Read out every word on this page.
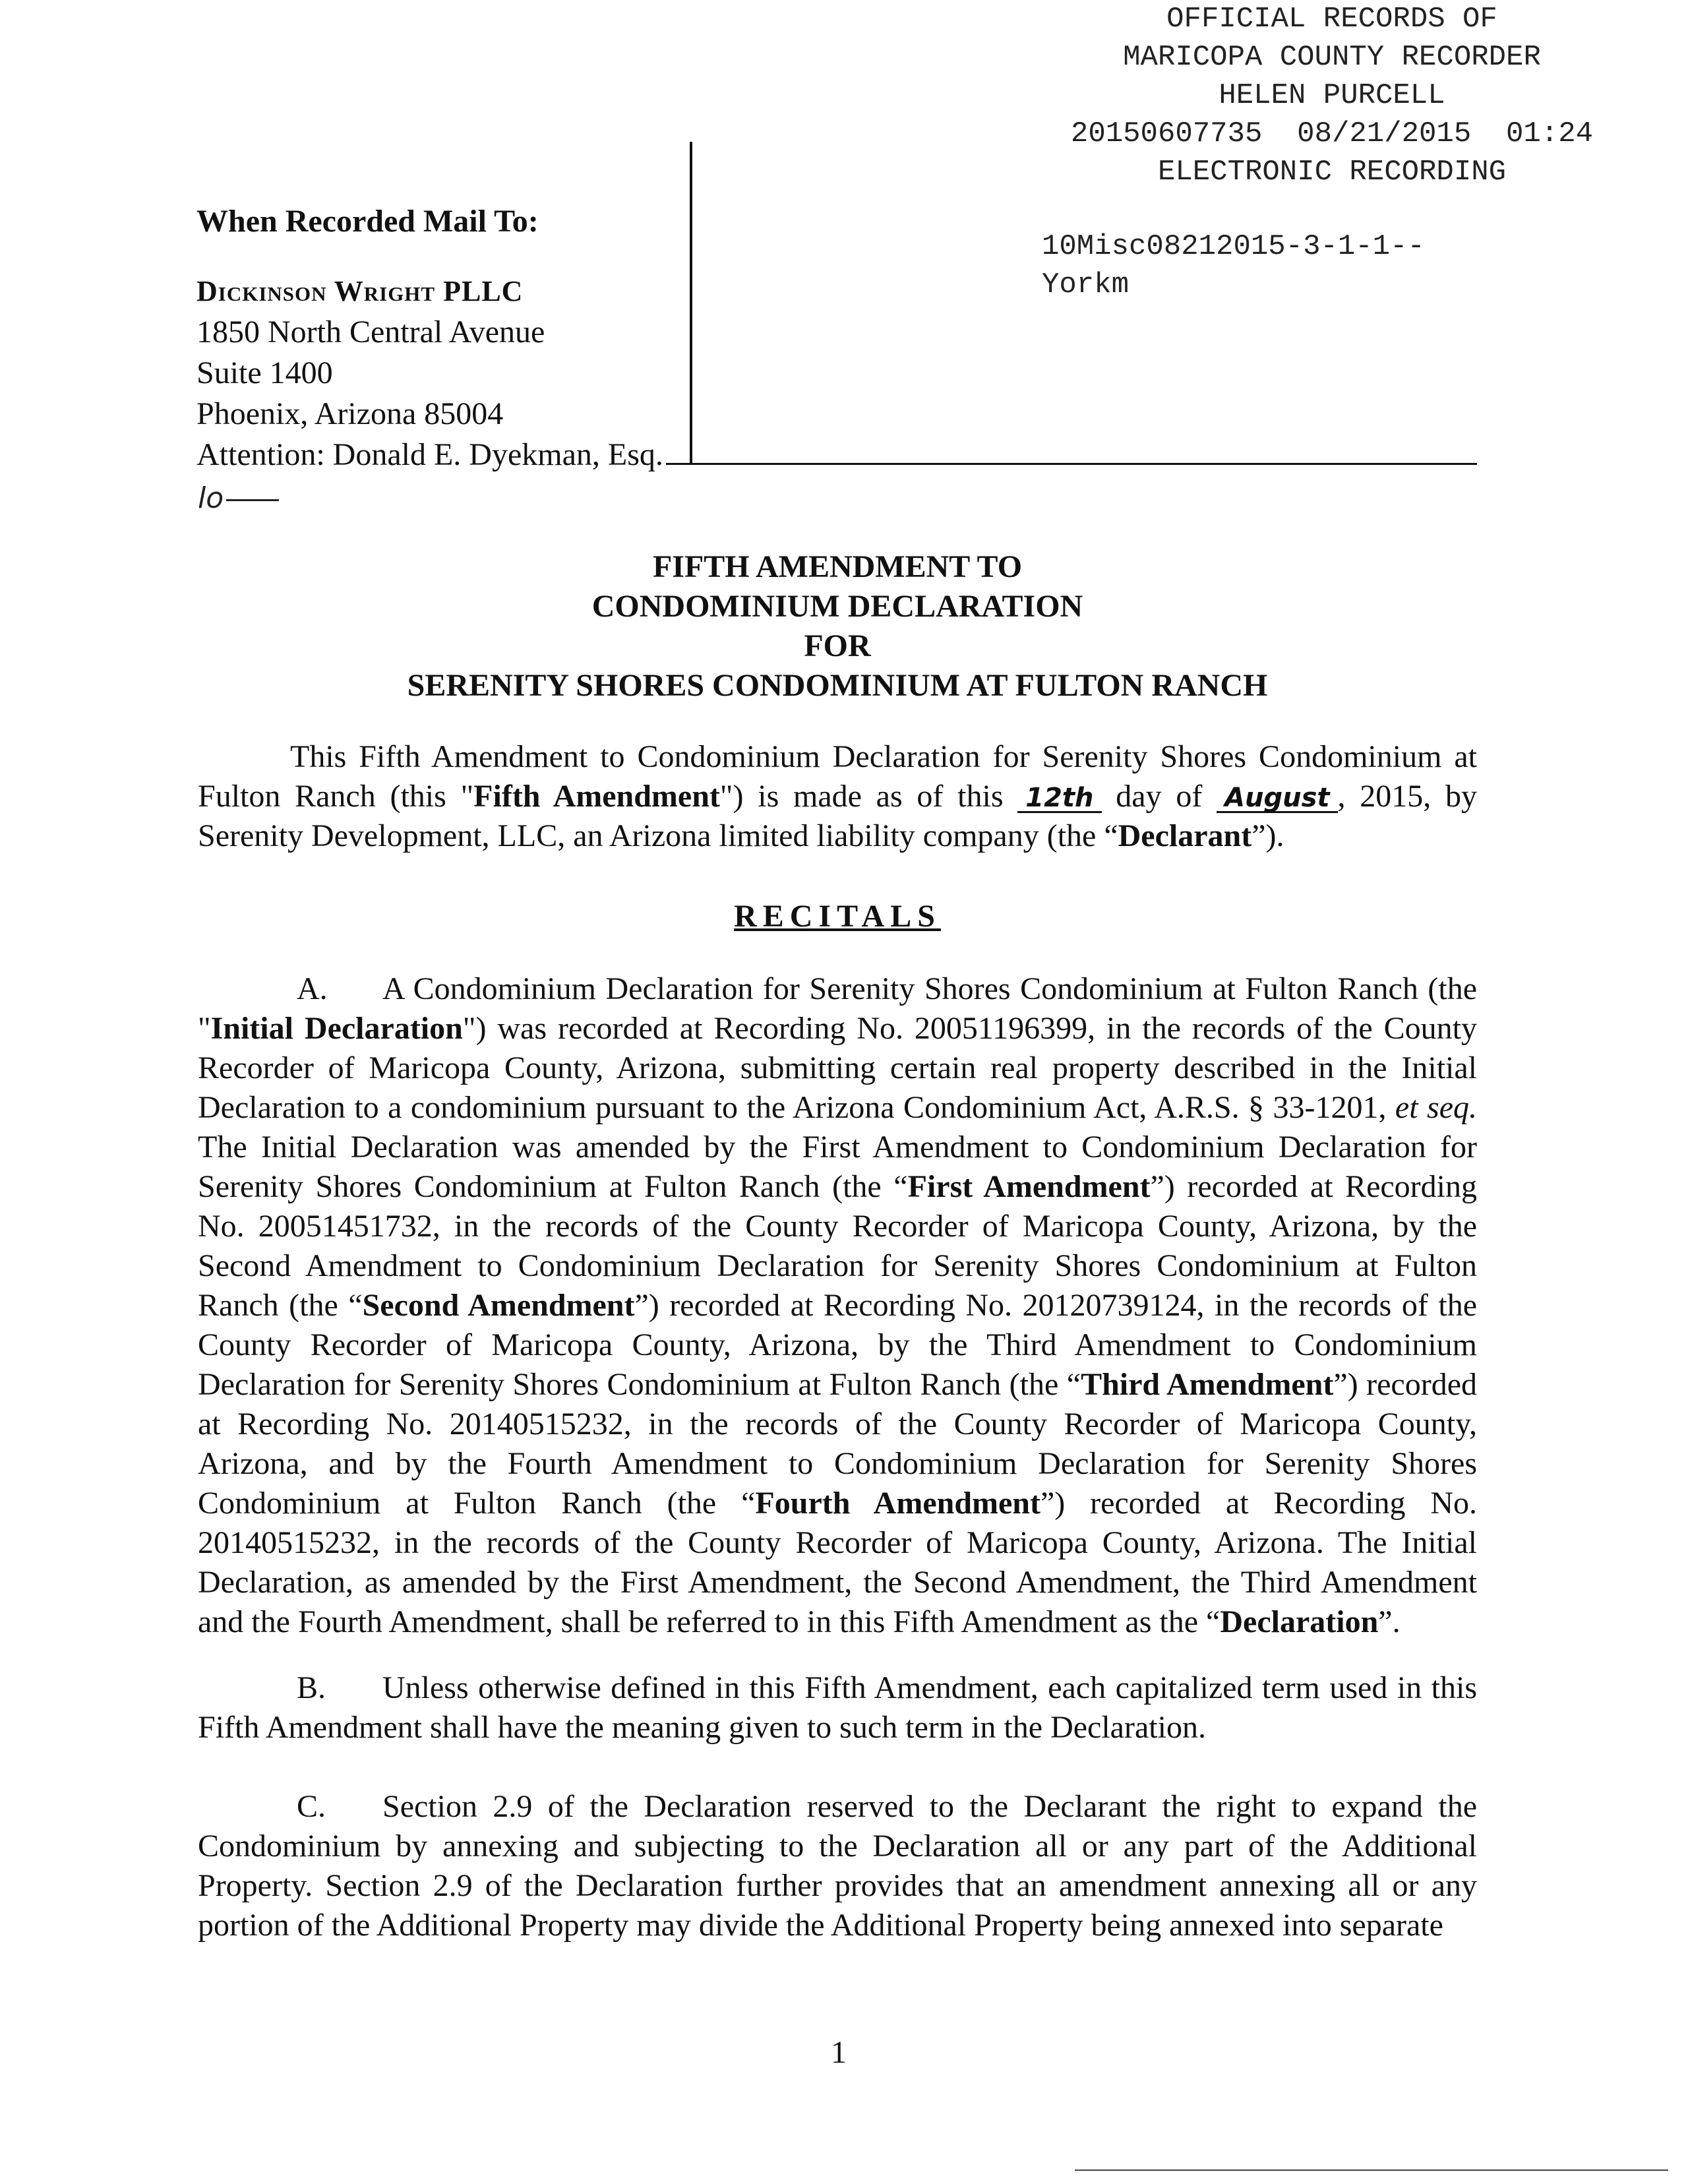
OFFICIAL RECORDS OF
MARICOPA COUNTY RECORDER
HELEN PURCELL
20150607735  08/21/2015  01:24
ELECTRONIC RECORDING
10Misc08212015-3-1-1--
Yorkm
When Recorded Mail To:
Dickinson Wright PLLC
1850 North Central Avenue
Suite 1400
Phoenix, Arizona 85004
Attention: Donald E. Dyekman, Esq.
lo
FIFTH AMENDMENT TO
CONDOMINIUM DECLARATION
FOR
SERENITY SHORES CONDOMINIUM AT FULTON RANCH
This Fifth Amendment to Condominium Declaration for Serenity Shores Condominium at Fulton Ranch (this "Fifth Amendment") is made as of this 12th day of August , 2015, by Serenity Development, LLC, an Arizona limited liability company (the “Declarant”).
RECITALS
A. A Condominium Declaration for Serenity Shores Condominium at Fulton Ranch (the "Initial Declaration") was recorded at Recording No. 20051196399, in the records of the County Recorder of Maricopa County, Arizona, submitting certain real property described in the Initial Declaration to a condominium pursuant to the Arizona Condominium Act, A.R.S. § 33-1201, et seq. The Initial Declaration was amended by the First Amendment to Condominium Declaration for Serenity Shores Condominium at Fulton Ranch (the “First Amendment”) recorded at Recording No. 20051451732, in the records of the County Recorder of Maricopa County, Arizona, by the Second Amendment to Condominium Declaration for Serenity Shores Condominium at Fulton Ranch (the “Second Amendment”) recorded at Recording No. 20120739124, in the records of the County Recorder of Maricopa County, Arizona, by the Third Amendment to Condominium Declaration for Serenity Shores Condominium at Fulton Ranch (the “Third Amendment”) recorded at Recording No. 20140515232, in the records of the County Recorder of Maricopa County, Arizona, and by the Fourth Amendment to Condominium Declaration for Serenity Shores Condominium at Fulton Ranch (the “Fourth Amendment”) recorded at Recording No. 20140515232, in the records of the County Recorder of Maricopa County, Arizona. The Initial Declaration, as amended by the First Amendment, the Second Amendment, the Third Amendment and the Fourth Amendment, shall be referred to in this Fifth Amendment as the “Declaration”.
B. Unless otherwise defined in this Fifth Amendment, each capitalized term used in this Fifth Amendment shall have the meaning given to such term in the Declaration.
C. Section 2.9 of the Declaration reserved to the Declarant the right to expand the Condominium by annexing and subjecting to the Declaration all or any part of the Additional Property. Section 2.9 of the Declaration further provides that an amendment annexing all or any portion of the Additional Property may divide the Additional Property being annexed into separate
1
